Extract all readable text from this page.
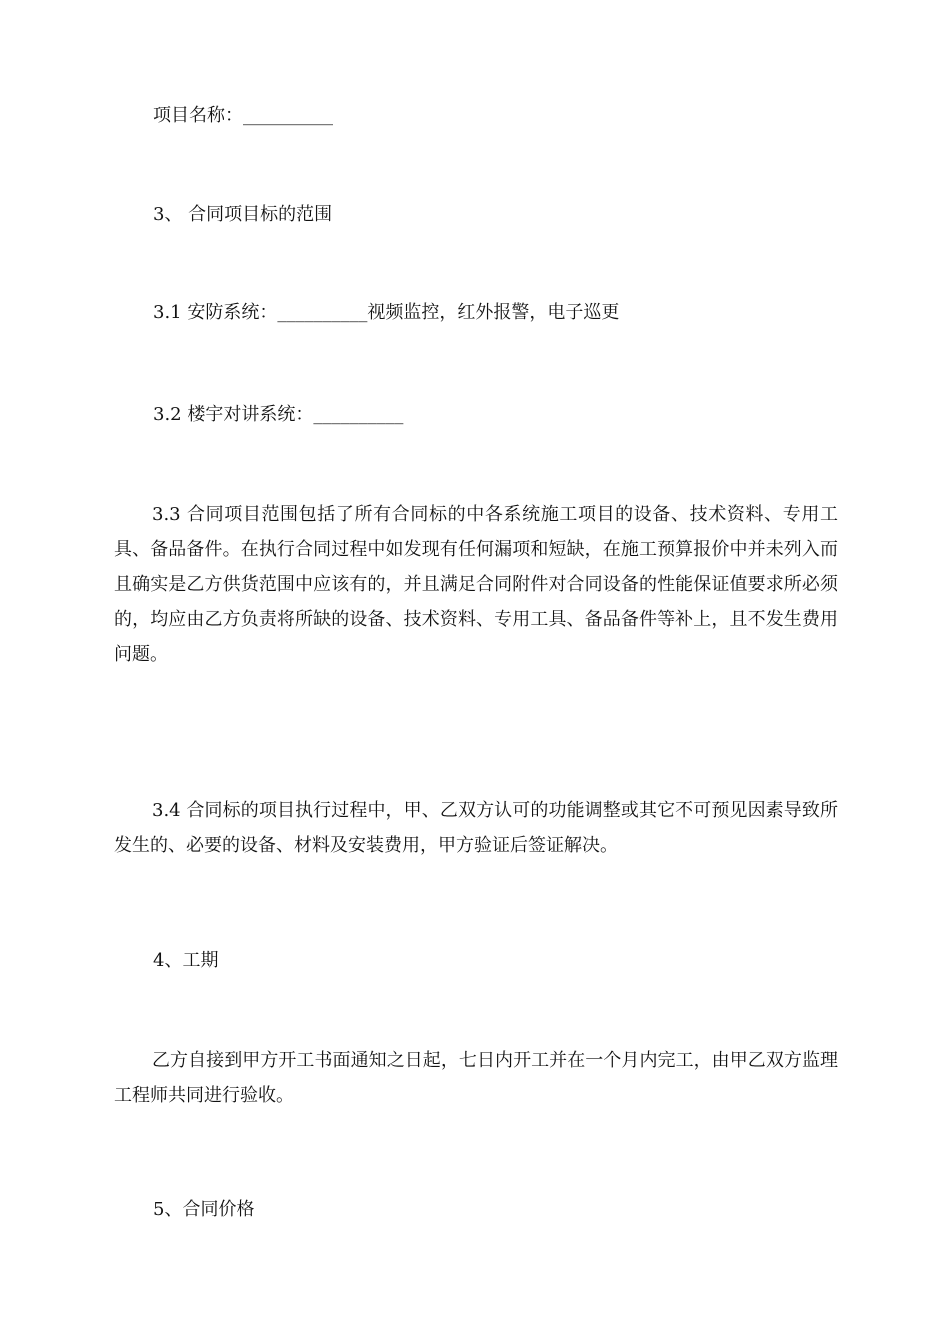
项目名称：__________
3、 合同项目标的范围
3.1 安防系统：__________视频监控，红外报警，电子巡更
3.2 楼宇对讲系统：__________

3.3 合同项目范围包括了所有合同标的中各系统施工项目的设备、技术资料、专用工具、备品备件。在执行合同过程中如发现有任何漏项和短缺，在施工预算报价中并未列入而且确实是乙方供货范围中应该有的，并且满足合同附件对合同设备的性能保证值要求所必须的，均应由乙方负责将所缺的设备、技术资料、专用工具、备品备件等补上，且不发生费用问题。

3.4 合同标的项目执行过程中，甲、乙双方认可的功能调整或其它不可预见因素导致所发生的、必要的设备、材料及安装费用，甲方验证后签证解决。

4、工期

乙方自接到甲方开工书面通知之日起，七日内开工并在一个月内完工，由甲乙双方监理工程师共同进行验收。

5、合同价格
